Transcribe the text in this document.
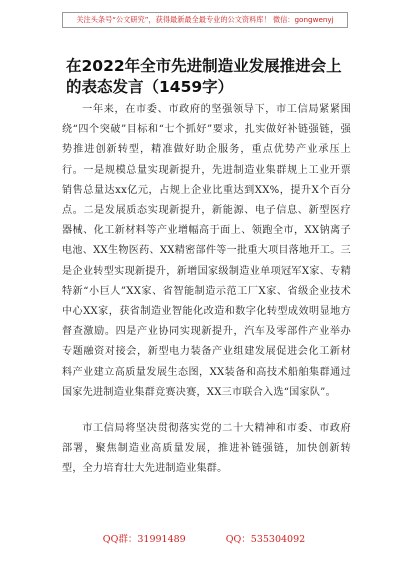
关注头条号“公文研究”，获得最新最全最专业的公文资料库！ 微信：gongwenyj
在2022年全市先进制造业发展推进会上的表态发言（1459字）

一年来，在市委、市政府的坚强领导下，市工信局紧紧围绕“四个突破”目标和“七个抓好”要求，扎实做好补链强链，强势推进创新转型，精准做好助企服务，重点优势产业承压上行。一是规模总量实现新提升，先进制造业集群规上工业开票销售总量达xx亿元，占规上企业比重达到XX%，提升X个百分点。二是发展质态实现新提升，新能源、电子信息、新型医疗器械、化工新材料等产业增幅高于面上、领跑全市，XX钠离子电池、XX生物医药、XX精密部件等一批重大项目落地开工。三是企业转型实现新提升，新增国家级制造业单项冠军X家、专精特新“小巨人”XX家、省智能制造示范工厂X家、省级企业技术中心XX家，获省制造业智能化改造和数字化转型成效明显地方督查激励。四是产业协同实现新提升，汽车及零部件产业举办专题融资对接会，新型电力装备产业组建发展促进会化工新材料产业建立高质量发展生态图，XX装备和高技术船舶集群通过国家先进制造业集群竞赛决赛，XX三市联合入选“国家队”。

市工信局将坚决贯彻落实党的二十大精神和市委、市政府部署，聚焦制造业高质量发展，推进补链强链，加快创新转型，全力培育壮大先进制造业集群。

QQ群：31991489	QQ：535304092
